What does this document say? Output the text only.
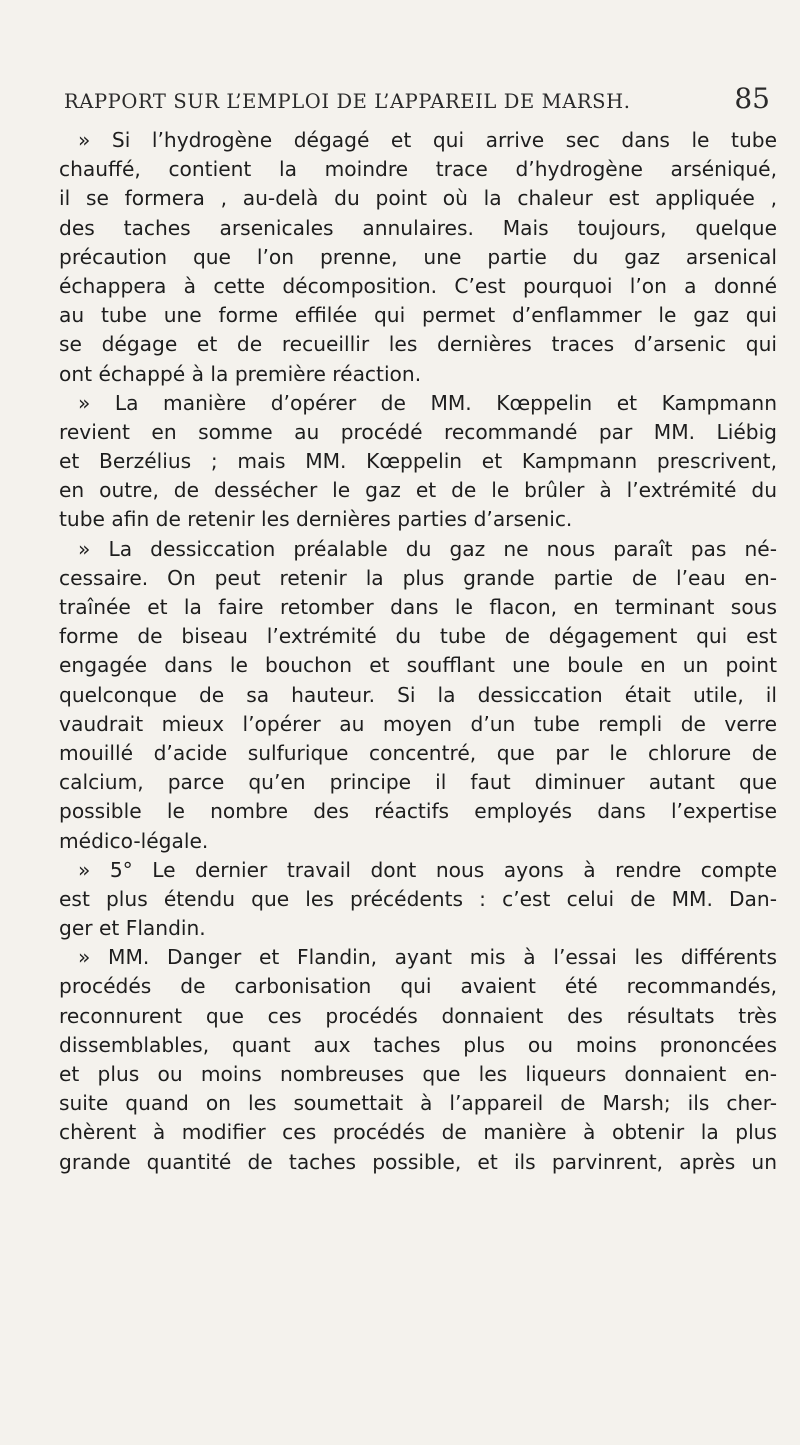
RAPPORT SUR L’EMPLOI DE L’APPAREIL DE MARSH.	85
» Si l’hydrogène dégagé et qui arrive sec dans le tube
chauffé, contient la moindre trace d’hydrogène arséniqué,
il se formera , au-delà du point où la chaleur est appliquée ,
des taches arsenicales annulaires. Mais toujours, quelque
précaution que l’on prenne, une partie du gaz arsenical
échappera à cette décomposition. C’est pourquoi l’on a donné
au tube une forme effilée qui permet d’enflammer le gaz qui
se dégage et de recueillir les dernières traces d’arsenic qui
ont échappé à la première réaction.
» La manière d’opérer de MM. Kœppelin et Kampmann
revient en somme au procédé recommandé par MM. Liébig
et Berzélius ; mais MM. Kœppelin et Kampmann prescrivent,
en outre, de dessécher le gaz et de le brûler à l’extrémité du
tube afin de retenir les dernières parties d’arsenic.
» La dessiccation préalable du gaz ne nous paraît pas né-
cessaire. On peut retenir la plus grande partie de l’eau en-
traînée et la faire retomber dans le flacon, en terminant sous
forme de biseau l’extrémité du tube de dégagement qui est
engagée dans le bouchon et soufflant une boule en un point
quelconque de sa hauteur. Si la dessiccation était utile, il
vaudrait mieux l’opérer au moyen d’un tube rempli de verre
mouillé d’acide sulfurique concentré, que par le chlorure de
calcium, parce qu’en principe il faut diminuer autant que
possible le nombre des réactifs employés dans l’expertise
médico-légale.
» 5° Le dernier travail dont nous ayons à rendre compte
est plus étendu que les précédents : c’est celui de MM. Dan-
ger et Flandin.
» MM. Danger et Flandin, ayant mis à l’essai les différents
procédés de carbonisation qui avaient été recommandés,
reconnurent que ces procédés donnaient des résultats très
dissemblables, quant aux taches plus ou moins prononcées
et plus ou moins nombreuses que les liqueurs donnaient en-
suite quand on les soumettait à l’appareil de Marsh; ils cher-
chèrent à modifier ces procédés de manière à obtenir la plus
grande quantité de taches possible, et ils parvinrent, après un
